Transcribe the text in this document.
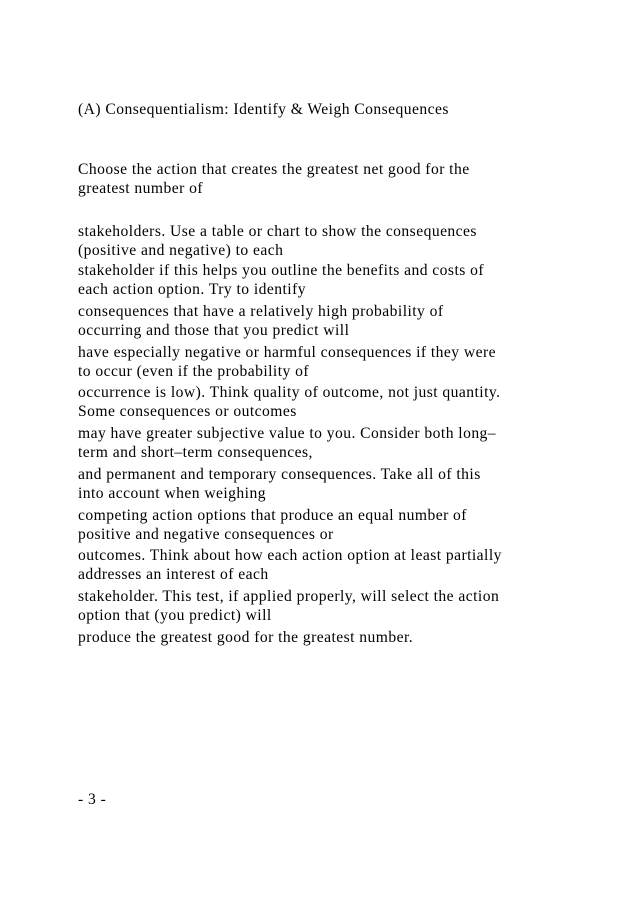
(A) Consequentialism: Identify & Weigh Consequences

Choose the action that creates the greatest net good for the

greatest number of

stakeholders. Use a table or chart to show the consequences

(positive and negative) to each

stakeholder if this helps you outline the benefits and costs of

each action option. Try to identify

consequences that have a relatively high probability of

occurring and those that you predict will

have especially negative or harmful consequences if they were

to occur (even if the probability of

occurrence is low). Think quality of outcome, not just quantity.

Some consequences or outcomes

may have greater subjective value to you. Consider both long–

term and short–term consequences,

and permanent and temporary consequences. Take all of this

into account when weighing

competing action options that produce an equal number of

positive and negative consequences or

outcomes. Think about how each action option at least partially

addresses an interest of each

stakeholder. This test, if applied properly, will select the action

option that (you predict) will

produce the greatest good for the greatest number.

- 3 -
